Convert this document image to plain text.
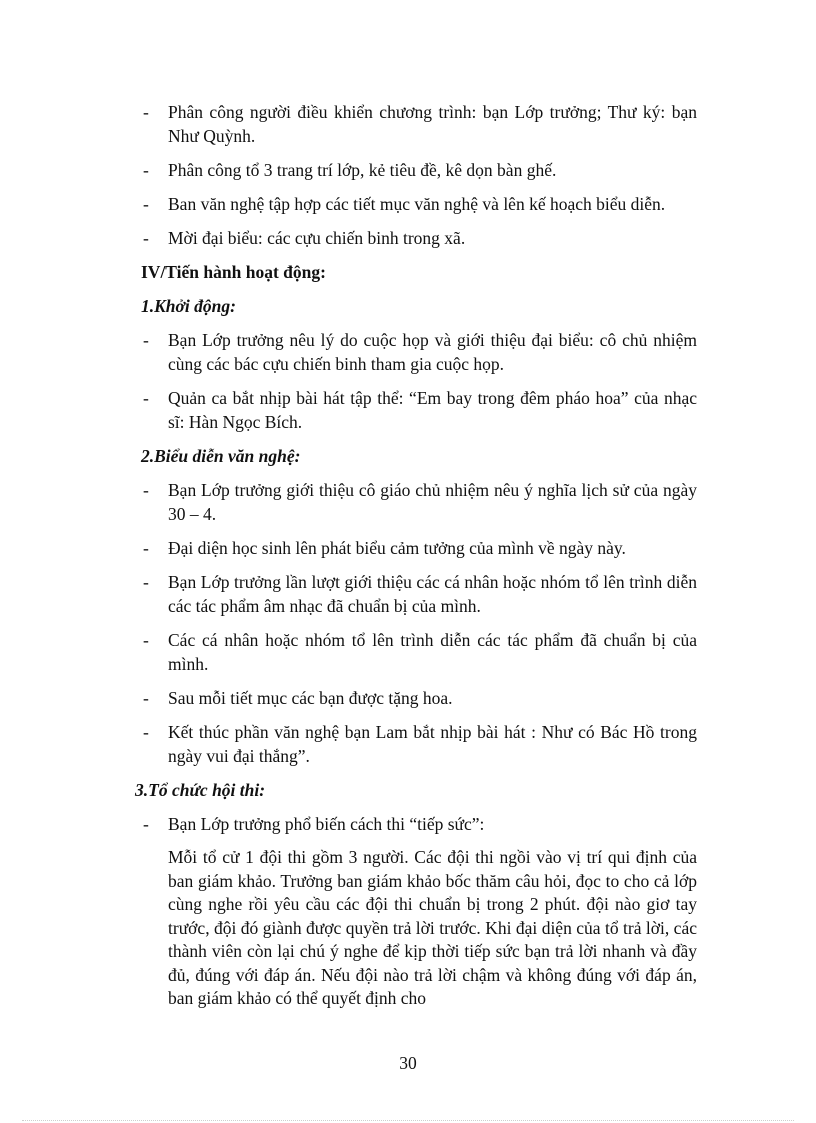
- Phân công người điều khiển chương trình: bạn Lớp trưởng; Thư ký: bạn Như Quỳnh.
- Phân công tổ 3 trang trí lớp, kẻ tiêu đề, kê dọn bàn ghế.
- Ban văn nghệ tập hợp các tiết mục văn nghệ và lên kế hoạch biểu diễn.
- Mời đại biểu: các cựu chiến binh trong xã.
IV/Tiến hành hoạt động:
1.Khởi động:
- Bạn Lớp trưởng nêu lý do cuộc họp và giới thiệu đại biểu: cô chủ nhiệm cùng các bác cựu chiến binh tham gia cuộc họp.
- Quản ca bắt nhịp bài hát tập thể: “Em bay trong đêm pháo hoa” của nhạc sĩ: Hàn Ngọc Bích.
2.Biểu diễn văn nghệ:
- Bạn Lớp trưởng giới thiệu cô giáo chủ nhiệm nêu ý nghĩa lịch sử của ngày 30 – 4.
- Đại diện học sinh lên phát biểu cảm tưởng của mình về ngày này.
- Bạn Lớp trưởng lần lượt giới thiệu các cá nhân hoặc nhóm tổ lên trình diễn các tác phẩm âm nhạc đã chuẩn bị của mình.
- Các cá nhân hoặc nhóm tổ lên trình diễn các tác phẩm đã chuẩn bị của mình.
- Sau mỗi tiết mục các bạn được tặng hoa.
- Kết thúc phần văn nghệ bạn Lam bắt nhịp bài hát : Như có Bác Hồ trong ngày vui đại thắng”.
3.Tổ chức hội thi:
- Bạn Lớp trưởng phổ biến cách thi “tiếp sức”:
Mỗi tổ cử 1 đội thi gồm 3 người. Các đội thi ngồi vào vị trí qui định của ban giám khảo. Trưởng ban giám khảo bốc thăm câu hỏi, đọc to cho cả lớp cùng nghe rồi yêu cầu các đội thi chuẩn bị trong 2 phút. đội nào giơ tay trước, đội đó giành được quyền trả lời trước. Khi đại diện của tổ trả lời, các thành viên còn lại chú ý nghe để kịp thời tiếp sức bạn trả lời nhanh và đầy đủ, đúng với đáp án. Nếu đội nào trả lời chậm và không đúng với đáp án, ban giám khảo có thể quyết định cho
30
